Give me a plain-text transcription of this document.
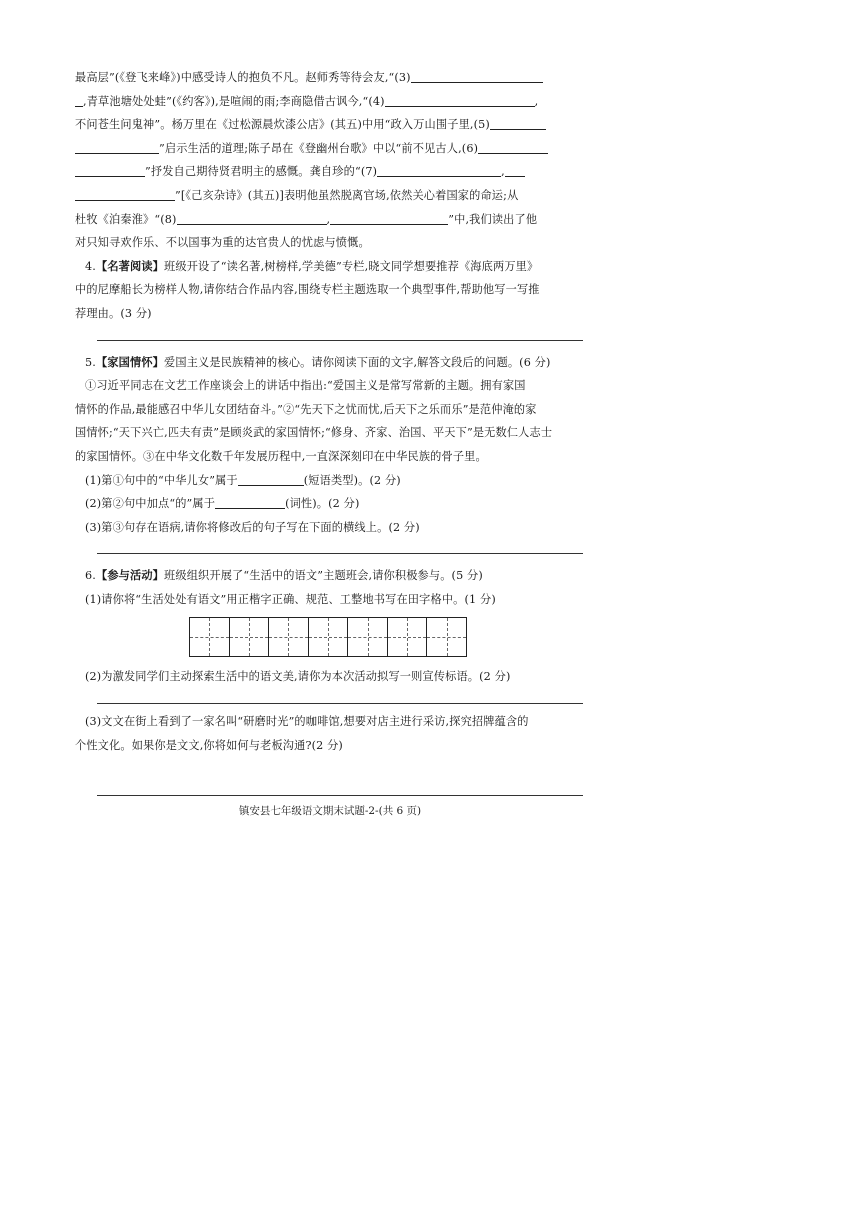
最高层”(《登飞来峰》)中感受诗人的抱负不凡。赵师秀等待会友,“(3)

,青草池塘处处蛙”(《约客》),是喧闹的雨;李商隐借古讽今,“(4)	,

不问苍生问鬼神”。杨万里在《过松源晨炊漆公店》(其五)中用“政入万山围子里,(5)

”启示生活的道理;陈子昂在《登幽州台歌》中以“前不见古人,(6)

”抒发自己期待贤君明主的感慨。龚自珍的“(7)	,

”[《己亥杂诗》(其五)]表明他虽然脱离官场,依然关心着国家的命运;从

杜牧《泊秦淮》“(8)	,	”中,我们读出了他

对只知寻欢作乐、不以国事为重的达官贵人的忧虑与愤慨。

4.【名著阅读】班级开设了“读名著,树榜样,学美德”专栏,晓文同学想要推荐《海底两万里》

中的尼摩船长为榜样人物,请你结合作品内容,围绕专栏主题选取一个典型事件,帮助他写一写推

荐理由。(3 分)

5.【家国情怀】爱国主义是民族精神的核心。请你阅读下面的文字,解答文段后的问题。(6 分)

①习近平同志在文艺工作座谈会上的讲话中指出:“爱国主义是常写常新的主题。拥有家国

情怀的作品,最能感召中华儿女团结奋斗。”②“先天下之忧而忧,后天下之乐而乐”是范仲淹的家

国情怀;“天下兴亡,匹夫有责”是顾炎武的家国情怀;“修身、齐家、治国、平天下”是无数仁人志士

的家国情怀。③在中华文化数千年发展历程中,一直深深刻印在中华民族的骨子里。

(1)第①句中的“中华儿女”属于	(短语类型)。(2 分)

(2)第②句中加点“的”属于	(词性)。(2 分)

(3)第③句存在语病,请你将修改后的句子写在下面的横线上。(2 分)

6.【参与活动】班级组织开展了“生活中的语文”主题班会,请你积极参与。(5 分)

(1)请你将“生活处处有语文”用正楷字正确、规范、工整地书写在田字格中。(1 分)

(2)为激发同学们主动探索生活中的语文美,请你为本次活动拟写一则宣传标语。(2 分)

(3)文文在街上看到了一家名叫“研磨时光”的咖啡馆,想要对店主进行采访,探究招牌蕴含的

个性文化。如果你是文文,你将如何与老板沟通?(2 分)

镇安县七年级语文期末试题-2-(共 6 页)
